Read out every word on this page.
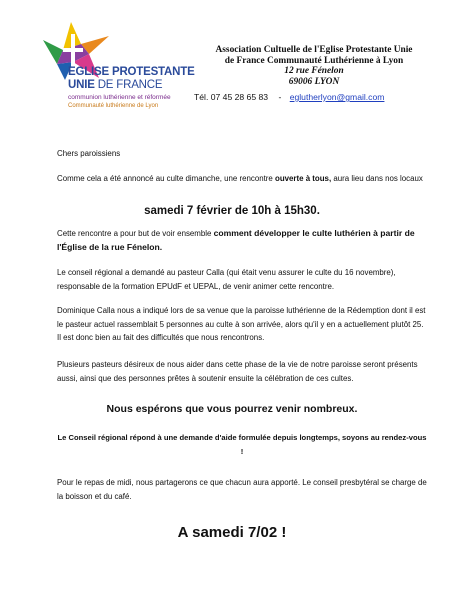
EGLISE PROTESTANTE
UNIE DE FRANCE
communion luthérienne et réformée
Communauté luthérienne de Lyon
Association Cultuelle de l'Eglise Protestante Unie
de France Communauté Luthérienne à Lyon
12 rue Fénelon
69006 LYON
Tél. 07 45 28 65 83 - eglutherlyon@gmail.com
Chers paroissiens
Comme cela a été annoncé au culte dimanche, une rencontre ouverte à tous, aura lieu dans nos locaux
samedi 7 février de 10h à 15h30.
Cette rencontre a pour but de voir ensemble comment développer le culte luthérien à partir de l'Église de la rue Fénelon.
Le conseil régional a demandé au pasteur Calla (qui était venu assurer le culte du 16 novembre), responsable de la formation EPUdF et UEPAL, de venir animer cette rencontre.
Dominique Calla nous a indiqué lors de sa venue que la paroisse luthérienne de la Rédemption dont il est le pasteur actuel rassemblait 5 personnes au culte à son arrivée, alors qu'il y en a actuellement plutôt 25. Il est donc bien au fait des difficultés que nous rencontrons.
Plusieurs pasteurs désireux de nous aider dans cette phase de la vie de notre paroisse seront présents aussi, ainsi que des personnes prêtes à soutenir ensuite la célébration de ces cultes.
Nous espérons que vous pourrez venir nombreux.
Le Conseil régional répond à une demande d'aide formulée depuis longtemps, soyons au rendez-vous !
Pour le repas de midi, nous partagerons ce que chacun aura apporté. Le conseil presbytéral se charge de la boisson et du café.
A samedi 7/02 !
